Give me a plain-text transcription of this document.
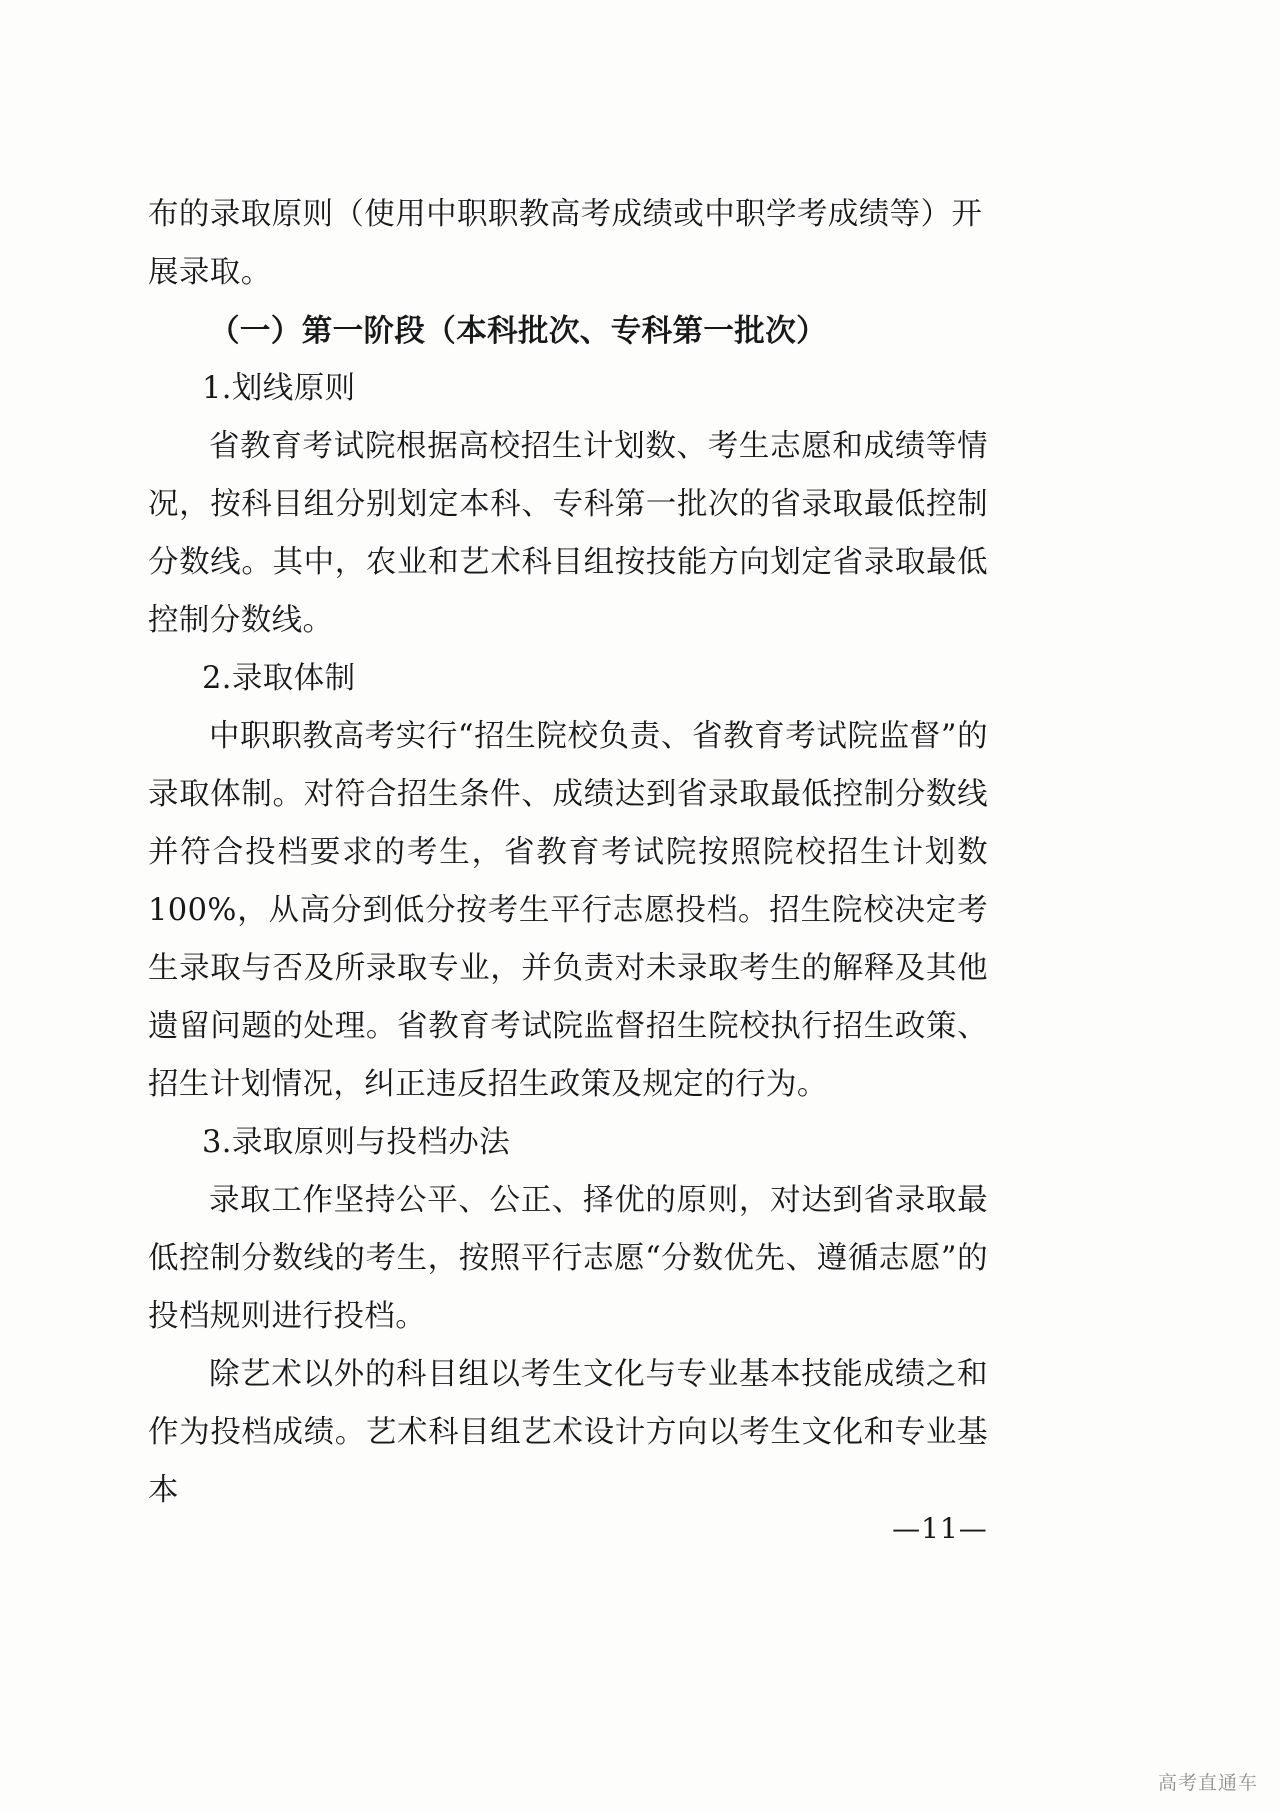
布的录取原则（使用中职职教高考成绩或中职学考成绩等）开展录取。

（一）第一阶段（本科批次、专科第一批次）

1.划线原则

省教育考试院根据高校招生计划数、考生志愿和成绩等情况，按科目组分别划定本科、专科第一批次的省录取最低控制分数线。其中，农业和艺术科目组按技能方向划定省录取最低控制分数线。

2.录取体制

中职职教高考实行“招生院校负责、省教育考试院监督”的录取体制。对符合招生条件、成绩达到省录取最低控制分数线并符合投档要求的考生，省教育考试院按照院校招生计划数 100%，从高分到低分按考生平行志愿投档。招生院校决定考生录取与否及所录取专业，并负责对未录取考生的解释及其他遗留问题的处理。省教育考试院监督招生院校执行招生政策、招生计划情况，纠正违反招生政策及规定的行为。

3.录取原则与投档办法

录取工作坚持公平、公正、择优的原则，对达到省录取最低控制分数线的考生，按照平行志愿“分数优先、遵循志愿”的投档规则进行投档。

除艺术以外的科目组以考生文化与专业基本技能成绩之和作为投档成绩。艺术科目组艺术设计方向以考生文化和专业基本

—11—
高考直通车
